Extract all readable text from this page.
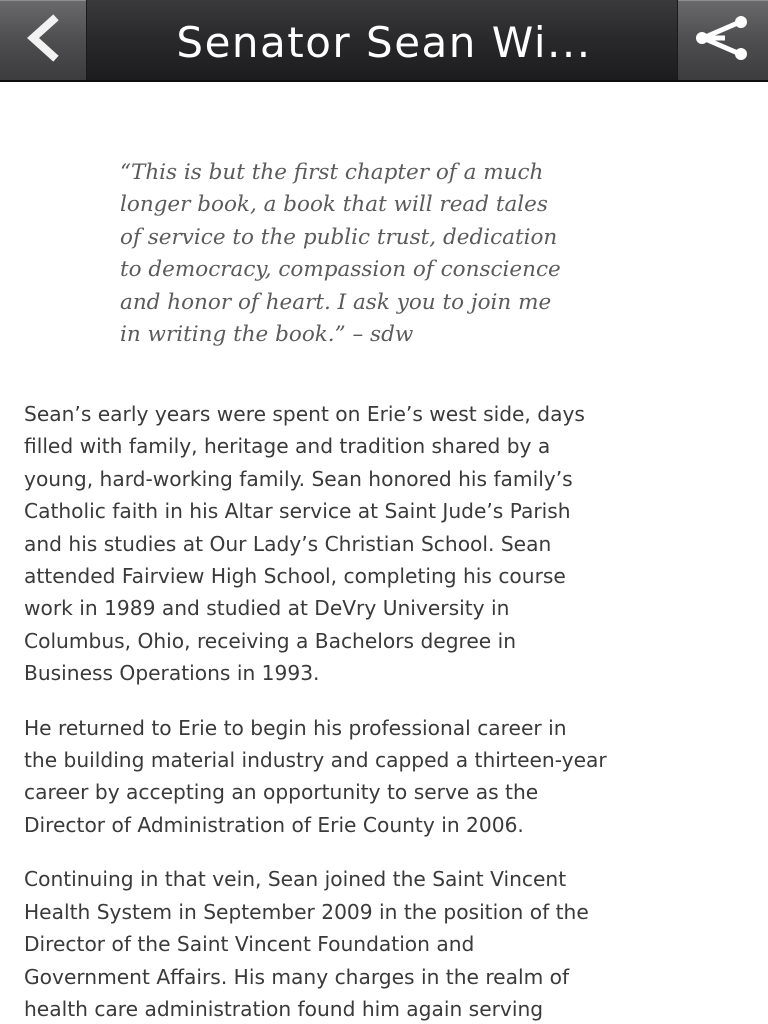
Senator Sean Wi...
“This is but the first chapter of a much
longer book, a book that will read tales
of service to the public trust, dedication
to democracy, compassion of conscience
and honor of heart. I ask you to join me
in writing the book.” – sdw

Sean’s early years were spent on Erie’s west side, days
filled with family, heritage and tradition shared by a
young, hard-working family. Sean honored his family’s
Catholic faith in his Altar service at Saint Jude’s Parish
and his studies at Our Lady’s Christian School. Sean
attended Fairview High School, completing his course
work in 1989 and studied at DeVry University in
Columbus, Ohio, receiving a Bachelors degree in
Business Operations in 1993.

He returned to Erie to begin his professional career in
the building material industry and capped a thirteen-year
career by accepting an opportunity to serve as the
Director of Administration of Erie County in 2006.

Continuing in that vein, Sean joined the Saint Vincent
Health System in September 2009 in the position of the
Director of the Saint Vincent Foundation and
Government Affairs. His many charges in the realm of
health care administration found him again serving
